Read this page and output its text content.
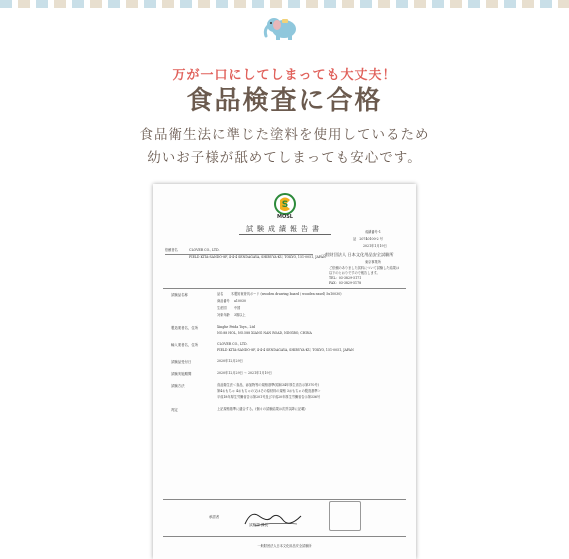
万が一口にしてしまっても大丈夫！
食品検査に合格
食品衛生法に準じた塗料を使用しているため
幼いお子様が舐めてしまっても安心です。
S
MOSL
試験成績報告書	成績番号-1
証　20740100-2 号
2021年1月19日
依頼者名	CLOVER CO., LTD.
FIELD KITA-SANDO-8F, 4-4-4 SENDAGAYA, SHIBUYA-KU, TOKYO, 151-0051, JAPAN
一般財団法人 日本文化用品安全試験所
東京事業所
ご依頼のありました試料について試験した結果は
以下のとおりですので報告します。
TEL：03-3829-5171
FAX：03-3829-5178
試験品名称	品名　　 木製知育遊具ボード (wooden drawing board / wooden easel) 5x10030)
商品番号　 a10030
生産国　　 中国
対象年齢　 3歳以上
製造業者名，住所	Xinghe Feida Toys., Ltd
NO.88 HOL, NO.588 XIANG NAN ROAD, NINGBO, CHINA
輸入業者名，住所	CLOVER CO., LTD.
FIELD KITA-SANDO-8F, 4-4-4 SENDAGAYA, SHIBUYA-KU, TOKYO, 151-0051, JAPAN
試験品受付日	2020年12月29日
試験実施期間	2020年12月29日 ～ 2021年1月19日
試験方法	食品衛生法＜食品，添加物等の規格基準(昭和34年厚生省告示第370号)
第4おもちゃ 4おもちゃの又はその原材料の規格 3おもちゃの製造基準＞
平成18年厚生労働省告示第201号及び平成20年厚生労働省告示第336号
判定	上記規格基準に適合する。(個々の試験結果は次頁以降に記載)
承認者
試験課 課長
一般財団法人日本文化用品安全試験所
